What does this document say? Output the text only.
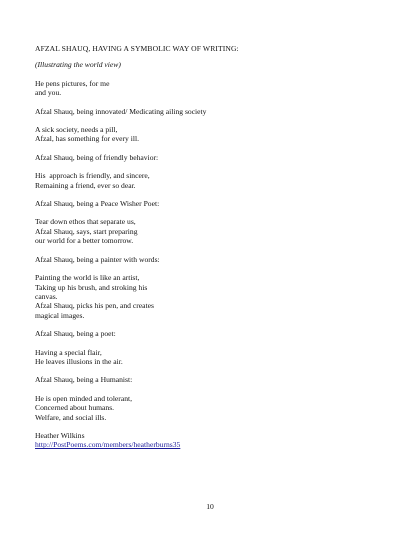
AFZAL SHAUQ, HAVING A SYMBOLIC WAY OF WRITING:
(Illustrating the world view)
He pens pictures, for me
and you.
Afzal Shauq, being innovated/ Medicating ailing society
A sick society, needs a pill,
Afzal, has something for every ill.
Afzal Shauq, being of friendly behavior:
His  approach is friendly, and sincere,
Remaining a friend, ever so dear.
Afzal Shauq, being a Peace Wisher Poet:
Tear down ethos that separate us,
Afzal Shauq, says, start preparing
our world for a better tomorrow.
Afzal Shauq, being a painter with words:
Painting the world is like an artist,
Taking up his brush, and stroking his
canvas.
Afzal Shauq, picks his pen, and creates
magical images.
Afzal Shauq, being a poet:
Having a special flair,
He leaves illusions in the air.
Afzal Shauq, being a Humanist:
He is open minded and tolerant,
Concerned about humans.
Welfare, and social ills.
Heather Wilkins
http://PostPoems.com/members/heatherburns35
10
